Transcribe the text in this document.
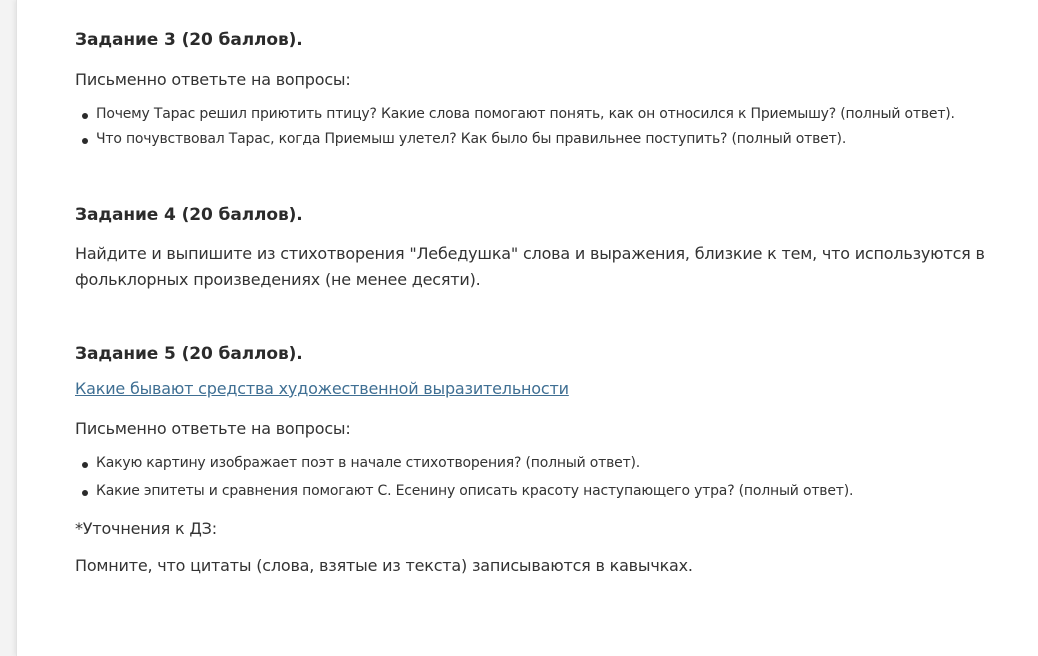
Задание 3 (20 баллов).
Письменно ответьте на вопросы:
Почему Тарас решил приютить птицу? Какие слова помогают понять, как он относился к Приемышу? (полный ответ).
Что почувствовал Тарас, когда Приемыш улетел? Как было бы правильнее поступить? (полный ответ).
Задание 4 (20 баллов).
Найдите и выпишите из стихотворения "Лебедушка" слова и выражения, близкие к тем, что используются в фольклорных произведениях (не менее десяти).
Задание 5 (20 баллов).
Какие бывают средства художественной выразительности
Письменно ответьте на вопросы:
Какую картину изображает поэт в начале стихотворения? (полный ответ).
Какие эпитеты и сравнения помогают С. Есенину описать красоту наступающего утра? (полный ответ).
*Уточнения к ДЗ:
Помните, что цитаты (слова, взятые из текста) записываются в кавычках.
